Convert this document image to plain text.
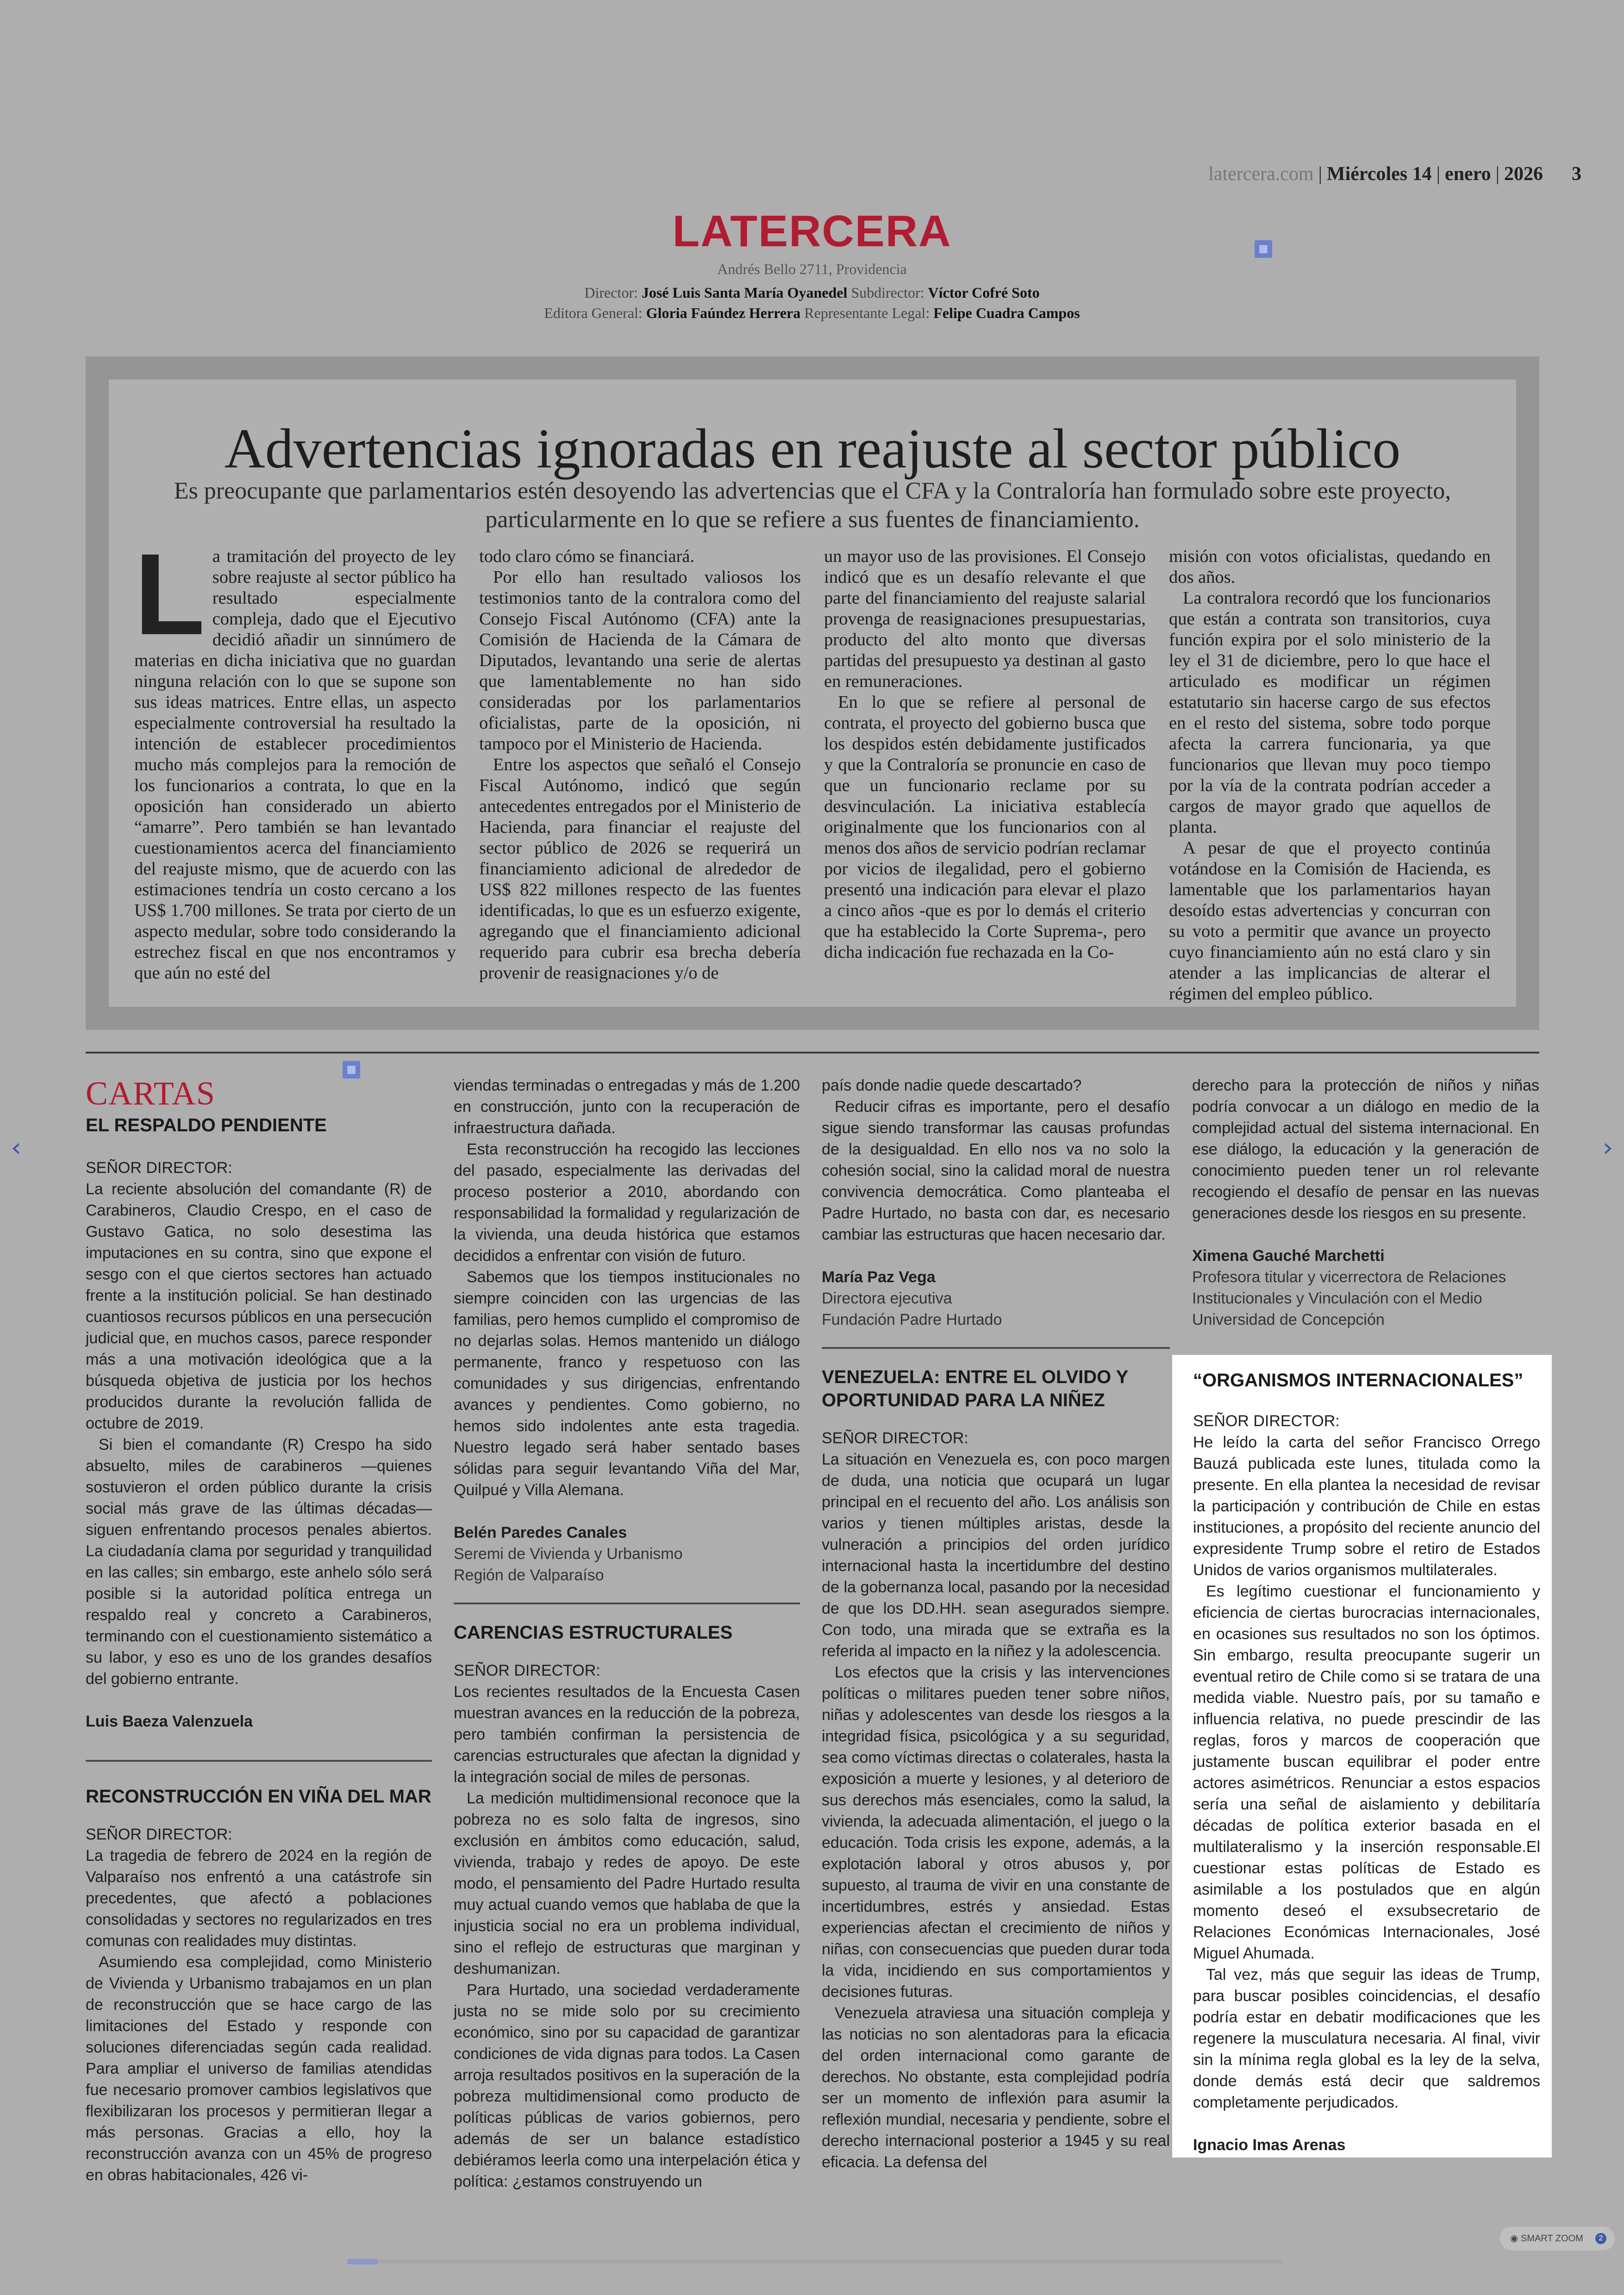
‹	›
latercera.com | Miércoles 14 | enero | 2026 3
LATERCERA
Andrés Bello 2711, Providencia
Director: José Luis Santa María Oyanedel Subdirector: Víctor Cofré Soto
Editora General: Gloria Faúndez Herrera Representante Legal: Felipe Cuadra Campos
▦
Advertencias ignoradas en reajuste al sector público
Es preocupante que parlamentarios estén desoyendo las advertencias que el CFA y la Contraloría han formulado sobre este proyecto, particularmente en lo que se refiere a sus fuentes de financiamiento.
L a tramitación del proyecto de ley sobre reajuste al sector público ha resultado especialmente compleja, dado que el Ejecutivo decidió añadir un sinnúmero de materias en dicha iniciativa que no guardan ninguna relación con lo que se supone son sus ideas matrices. Entre ellas, un aspecto especialmente controversial ha resultado la intención de establecer procedimientos mucho más complejos para la remoción de los funcionarios a contrata, lo que en la oposición han considerado un abierto “amarre”. Pero también se han levantado cuestionamientos acerca del financiamiento del reajuste mismo, que de acuerdo con las estimaciones tendría un costo cercano a los US$ 1.700 millones. Se trata por cierto de un aspecto medular, sobre todo considerando la estrechez fiscal en que nos encontramos y que aún no esté del

todo claro cómo se financiará.

Por ello han resultado valiosos los testimonios tanto de la contralora como del Consejo Fiscal Autónomo (CFA) ante la Comisión de Hacienda de la Cámara de Diputados, levantando una serie de alertas que lamentablemente no han sido consideradas por los parlamentarios oficialistas, parte de la oposición, ni tampoco por el Ministerio de Hacienda.

Entre los aspectos que señaló el Consejo Fiscal Autónomo, indicó que según antecedentes entregados por el Ministerio de Hacienda, para financiar el reajuste del sector público de 2026 se requerirá un financiamiento adicional de alrededor de US$ 822 millones respecto de las fuentes identificadas, lo que es un esfuerzo exigente, agregando que el financiamiento adicional requerido para cubrir esa brecha debería provenir de reasignaciones y/o de

un mayor uso de las provisiones. El Consejo indicó que es un desafío relevante el que parte del financiamiento del reajuste salarial provenga de reasignaciones presupuestarias, producto del alto monto que diversas partidas del presupuesto ya destinan al gasto en remuneraciones.

En lo que se refiere al personal de contrata, el proyecto del gobierno busca que los despidos estén debidamente justificados y que la Contraloría se pronuncie en caso de que un funcionario reclame por su desvinculación. La iniciativa establecía originalmente que los funcionarios con al menos dos años de servicio podrían reclamar por vicios de ilegalidad, pero el gobierno presentó una indicación para elevar el plazo a cinco años -que es por lo demás el criterio que ha establecido la Corte Suprema-, pero dicha indicación fue rechazada en la Co-

misión con votos oficialistas, quedando en dos años.

La contralora recordó que los funcionarios que están a contrata son transitorios, cuya función expira por el solo ministerio de la ley el 31 de diciembre, pero lo que hace el articulado es modificar un régimen estatutario sin hacerse cargo de sus efectos en el resto del sistema, sobre todo porque afecta la carrera funcionaria, ya que funcionarios que llevan muy poco tiempo por la vía de la contrata podrían acceder a cargos de mayor grado que aquellos de planta.

A pesar de que el proyecto continúa votándose en la Comisión de Hacienda, es lamentable que los parlamentarios hayan desoído estas advertencias y concurran con su voto a permitir que avance un proyecto cuyo financiamiento aún no está claro y sin atender a las implicancias de alterar el régimen del empleo público.

▦
CARTAS
EL RESPALDO PENDIENTE
SEÑOR DIRECTOR:

La reciente absolución del comandante (R) de Carabineros, Claudio Crespo, en el caso de Gustavo Gatica, no solo desestima las imputaciones en su contra, sino que expone el sesgo con el que ciertos sectores han actuado frente a la institución policial. Se han destinado cuantiosos recursos públicos en una persecución judicial que, en muchos casos, parece responder más a una motivación ideológica que a la búsqueda objetiva de justicia por los hechos producidos durante la revolución fallida de octubre de 2019.

Si bien el comandante (R) Crespo ha sido absuelto, miles de carabineros —quienes sostuvieron el orden público durante la crisis social más grave de las últimas décadas— siguen enfrentando procesos penales abiertos. La ciudadanía clama por seguridad y tranquilidad en las calles; sin embargo, este anhelo sólo será posible si la autoridad política entrega un respaldo real y concreto a Carabineros, terminando con el cuestionamiento sistemático a su labor, y eso es uno de los grandes desafíos del gobierno entrante.

Luis Baeza Valenzuela
RECONSTRUCCIÓN EN VIÑA DEL MAR
SEÑOR DIRECTOR:

La tragedia de febrero de 2024 en la región de Valparaíso nos enfrentó a una catástrofe sin precedentes, que afectó a poblaciones consolidadas y sectores no regularizados en tres comunas con realidades muy distintas.

Asumiendo esa complejidad, como Ministerio de Vivienda y Urbanismo trabajamos en un plan de reconstrucción que se hace cargo de las limitaciones del Estado y responde con soluciones diferenciadas según cada realidad. Para ampliar el universo de familias atendidas fue necesario promover cambios legislativos que flexibilizaran los procesos y permitieran llegar a más personas. Gracias a ello, hoy la reconstrucción avanza con un 45% de progreso en obras habitacionales, 426 vi-

viendas terminadas o entregadas y más de 1.200 en construcción, junto con la recuperación de infraestructura dañada.

Esta reconstrucción ha recogido las lecciones del pasado, especialmente las derivadas del proceso posterior a 2010, abordando con responsabilidad la formalidad y regularización de la vivienda, una deuda histórica que estamos decididos a enfrentar con visión de futuro.

Sabemos que los tiempos institucionales no siempre coinciden con las urgencias de las familias, pero hemos cumplido el compromiso de no dejarlas solas. Hemos mantenido un diálogo permanente, franco y respetuoso con las comunidades y sus dirigencias, enfrentando avances y pendientes. Como gobierno, no hemos sido indolentes ante esta tragedia. Nuestro legado será haber sentado bases sólidas para seguir levantando Viña del Mar, Quilpué y Villa Alemana.

Belén Paredes Canales
Seremi de Vivienda y Urbanismo
Región de Valparaíso
CARENCIAS ESTRUCTURALES
SEÑOR DIRECTOR:

Los recientes resultados de la Encuesta Casen muestran avances en la reducción de la pobreza, pero también confirman la persistencia de carencias estructurales que afectan la dignidad y la integración social de miles de personas.

La medición multidimensional reconoce que la pobreza no es solo falta de ingresos, sino exclusión en ámbitos como educación, salud, vivienda, trabajo y redes de apoyo. De este modo, el pensamiento del Padre Hurtado resulta muy actual cuando vemos que hablaba de que la injusticia social no era un problema individual, sino el reflejo de estructuras que marginan y deshumanizan.

Para Hurtado, una sociedad verdaderamente justa no se mide solo por su crecimiento económico, sino por su capacidad de garantizar condiciones de vida dignas para todos. La Casen arroja resultados positivos en la superación de la pobreza multidimensional como producto de políticas públicas de varios gobiernos, pero además de ser un balance estadístico debiéramos leerla como una interpelación ética y política: ¿estamos construyendo un

país donde nadie quede descartado?

Reducir cifras es importante, pero el desafío sigue siendo transformar las causas profundas de la desigualdad. En ello nos va no solo la cohesión social, sino la calidad moral de nuestra convivencia democrática. Como planteaba el Padre Hurtado, no basta con dar, es necesario cambiar las estructuras que hacen necesario dar.

María Paz Vega
Directora ejecutiva
Fundación Padre Hurtado
VENEZUELA: ENTRE EL OLVIDO Y OPORTUNIDAD PARA LA NIÑEZ
SEÑOR DIRECTOR:

La situación en Venezuela es, con poco margen de duda, una noticia que ocupará un lugar principal en el recuento del año. Los análisis son varios y tienen múltiples aristas, desde la vulneración a principios del orden jurídico internacional hasta la incertidumbre del destino de la gobernanza local, pasando por la necesidad de que los DD.HH. sean asegurados siempre. Con todo, una mirada que se extraña es la referida al impacto en la niñez y la adolescencia.

Los efectos que la crisis y las intervenciones políticas o militares pueden tener sobre niños, niñas y adolescentes van desde los riesgos a la integridad física, psicológica y a su seguridad, sea como víctimas directas o colaterales, hasta la exposición a muerte y lesiones, y al deterioro de sus derechos más esenciales, como la salud, la vivienda, la adecuada alimentación, el juego o la educación. Toda crisis les expone, además, a la explotación laboral y otros abusos y, por supuesto, al trauma de vivir en una constante de incertidumbres, estrés y ansiedad. Estas experiencias afectan el crecimiento de niños y niñas, con consecuencias que pueden durar toda la vida, incidiendo en sus comportamientos y decisiones futuras.

Venezuela atraviesa una situación compleja y las noticias no son alentadoras para la eficacia del orden internacional como garante de derechos. No obstante, esta complejidad podría ser un momento de inflexión para asumir la reflexión mundial, necesaria y pendiente, sobre el derecho internacional posterior a 1945 y su real eficacia. La defensa del

derecho para la protección de niños y niñas podría convocar a un diálogo en medio de la complejidad actual del sistema internacional. En ese diálogo, la educación y la generación de conocimiento pueden tener un rol relevante recogiendo el desafío de pensar en las nuevas generaciones desde los riesgos en su presente.

Ximena Gauché Marchetti
Profesora titular y vicerrectora de Relaciones
Institucionales y Vinculación con el Medio
Universidad de Concepción
“ORGANISMOS INTERNACIONALES”
SEÑOR DIRECTOR:

He leído la carta del señor Francisco Orrego Bauzá publicada este lunes, titulada como la presente. En ella plantea la necesidad de revisar la participación y contribución de Chile en estas instituciones, a propósito del reciente anuncio del expresidente Trump sobre el retiro de Estados Unidos de varios organismos multilaterales.

Es legítimo cuestionar el funcionamiento y eficiencia de ciertas burocracias internacionales, en ocasiones sus resultados no son los óptimos. Sin embargo, resulta preocupante sugerir un eventual retiro de Chile como si se tratara de una medida viable. Nuestro país, por su tamaño e influencia relativa, no puede prescindir de las reglas, foros y marcos de cooperación que justamente buscan equilibrar el poder entre actores asimétricos. Renunciar a estos espacios sería una señal de aislamiento y debilitaría décadas de política exterior basada en el multilateralismo y la inserción responsable.El cuestionar estas políticas de Estado es asimilable a los postulados que en algún momento deseó el exsubsecretario de Relaciones Económicas Internacionales, José Miguel Ahumada.

Tal vez, más que seguir las ideas de Trump, para buscar posibles coincidencias, el desafío podría estar en debatir modificaciones que les regenere la musculatura necesaria. Al final, vivir sin la mínima regla global es la ley de la selva, donde demás está decir que saldremos completamente perjudicados.

Ignacio Imas Arenas
◉ SMART ZOOM	2
